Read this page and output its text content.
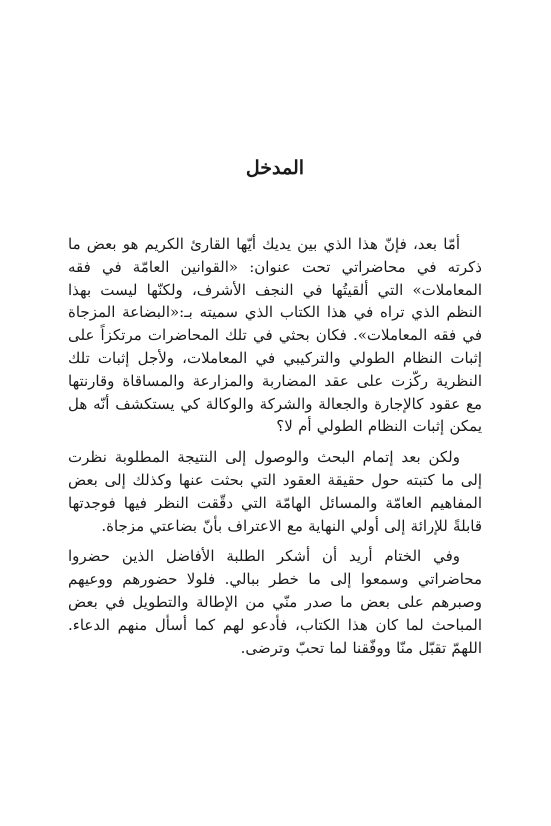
المدخل

أمّا بعد، فإنّ هذا الذي بين يديك أيّها القارئ الكريم هو بعض ما ذكرته في محاضراتي تحت عنوان: «القوانين العامّة في فقه المعاملات» التي ألقيتُها في النجف الأشرف، ولكنّها ليست بهذا النظم الذي تراه في هذا الكتاب الذي سميته بـ:«البضاعة المزجاة في فقه المعاملات». فكان بحثي في تلك المحاضرات مرتكزاً على إثبات النظام الطولي والتركيبي في المعاملات، ولأجل إثبات تلك النظرية ركّزت على عقد المضاربة والمزارعة والمساقاة وقارنتها مع عقود كالإجارة والجعالة والشركة والوكالة كي يستكشف أنّه هل يمكن إثبات النظام الطولي أم لا؟

ولكن بعد إتمام البحث والوصول إلى النتيجة المطلوبة نظرت إلى ما كتبته حول حقيقة العقود التي بحثت عنها وكذلك إلى بعض المفاهيم العامّة والمسائل الهامّة التي دقّقت النظر فيها فوجدتها قابلةً للإرائة إلى أولي النهاية مع الاعتراف بأنّ بضاعتي مزجاة.

وفي الختام أريد أن أشكر الطلبة الأفاضل الذين حضروا محاضراتي وسمعوا إلى ما خطر ببالي. فلولا حضورهم ووعيهم وصبرهم على بعض ما صدر منّي من الإطالة والتطويل في بعض المباحث لما كان هذا الكتاب، فأدعو لهم كما أسأل منهم الدعاء. اللهمّ تقبّل منّا ووفّقنا لما تحبّ وترضى.
